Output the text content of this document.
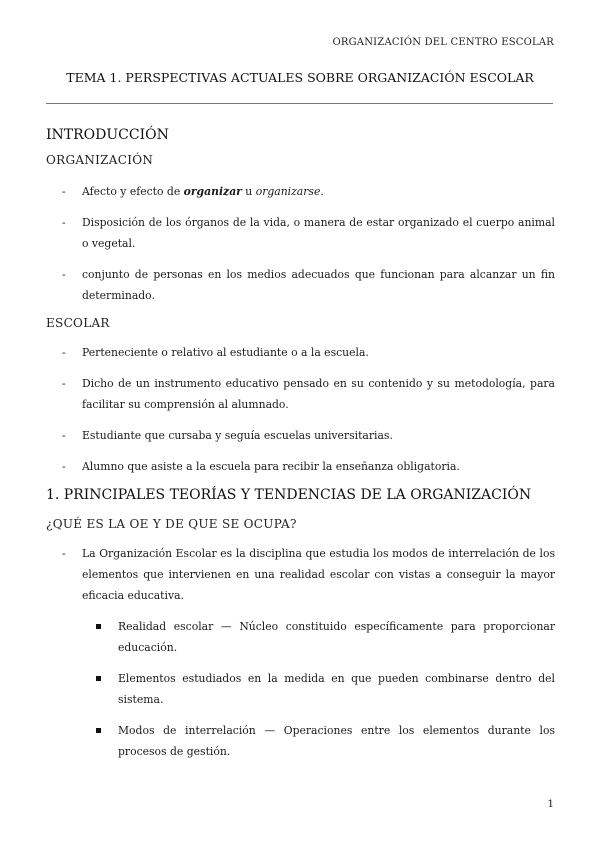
ORGANIZACIÓN DEL CENTRO ESCOLAR
TEMA 1. PERSPECTIVAS ACTUALES SOBRE ORGANIZACIÓN ESCOLAR
INTRODUCCIÓN
ORGANIZACIÓN
- Afecto y efecto de organizar u organizarse.
- Disposición de los órganos de la vida, o manera de estar organizado el cuerpo animal o vegetal.
- conjunto de personas en los medios adecuados que funcionan para alcanzar un fin determinado.
ESCOLAR
- Perteneciente o relativo al estudiante o a la escuela.
- Dicho de un instrumento educativo pensado en su contenido y su metodología, para facilitar su comprensión al alumnado.
- Estudiante que cursaba y seguía escuelas universitarias.
- Alumno que asiste a la escuela para recibir la enseñanza obligatoria.
1. PRINCIPALES TEORÍAS Y TENDENCIAS DE LA ORGANIZACIÓN
¿QUÉ ES LA OE Y DE QUE SE OCUPA?
- La Organización Escolar es la disciplina que estudia los modos de interrelación de los elementos que intervienen en una realidad escolar con vistas a conseguir la mayor eficacia educativa.
Realidad escolar — Núcleo constituido específicamente para proporcionar educación.
Elementos estudiados en la medida en que pueden combinarse dentro del sistema.
Modos de interrelación — Operaciones entre los elementos durante los procesos de gestión.
1
